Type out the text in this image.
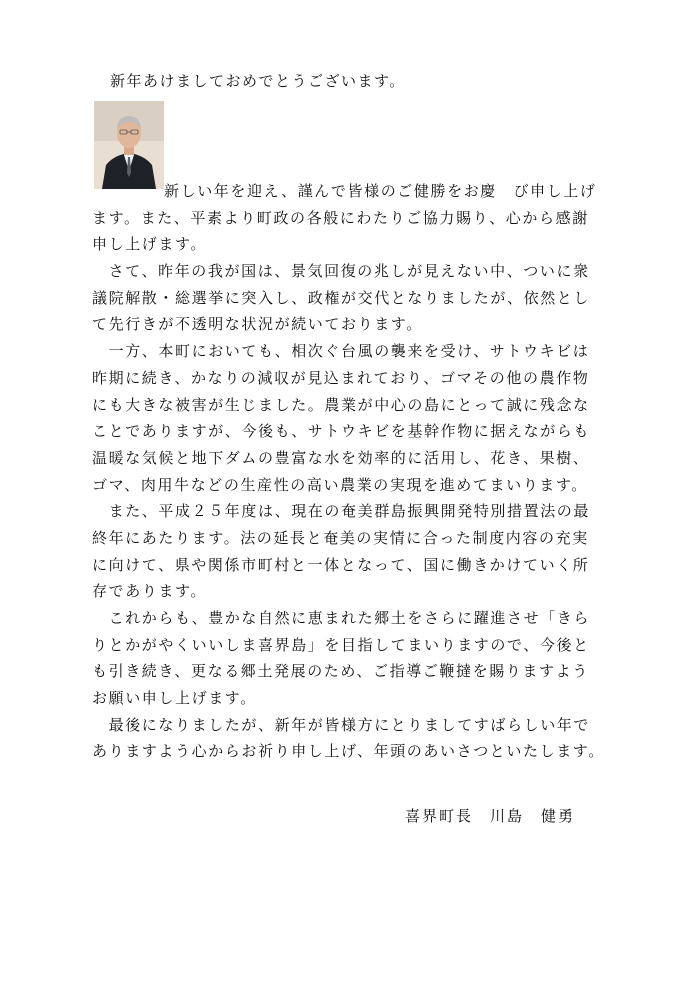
新年あけましておめでとうございます。
新しい年を迎え、謹んで皆様のご健勝をお慶　び申し上げ
ます。また、平素より町政の各般にわたりご協力賜り、心から感謝
申し上げます。
　さて、昨年の我が国は、景気回復の兆しが見えない中、ついに衆
議院解散・総選挙に突入し、政権が交代となりましたが、依然とし
て先行きが不透明な状況が続いております。
　一方、本町においても、相次ぐ台風の襲来を受け、サトウキビは
昨期に続き、かなりの減収が見込まれており、ゴマその他の農作物
にも大きな被害が生じました。農業が中心の島にとって誠に残念な
ことでありますが、今後も、サトウキビを基幹作物に据えながらも
温暖な気候と地下ダムの豊富な水を効率的に活用し、花き、果樹、
ゴマ、肉用牛などの生産性の高い農業の実現を進めてまいります。
　また、平成２５年度は、現在の奄美群島振興開発特別措置法の最
終年にあたります。法の延長と奄美の実情に合った制度内容の充実
に向けて、県や関係市町村と一体となって、国に働きかけていく所
存であります。
　これからも、豊かな自然に恵まれた郷土をさらに躍進させ「きら
りとかがやくいいしま喜界島」を目指してまいりますので、今後と
も引き続き、更なる郷土発展のため、ご指導ご鞭撻を賜りますよう
お願い申し上げます。
　最後になりましたが、新年が皆様方にとりましてすばらしい年で
ありますよう心からお祈り申し上げ、年頭のあいさつといたします。
喜界町長　川島　健勇
